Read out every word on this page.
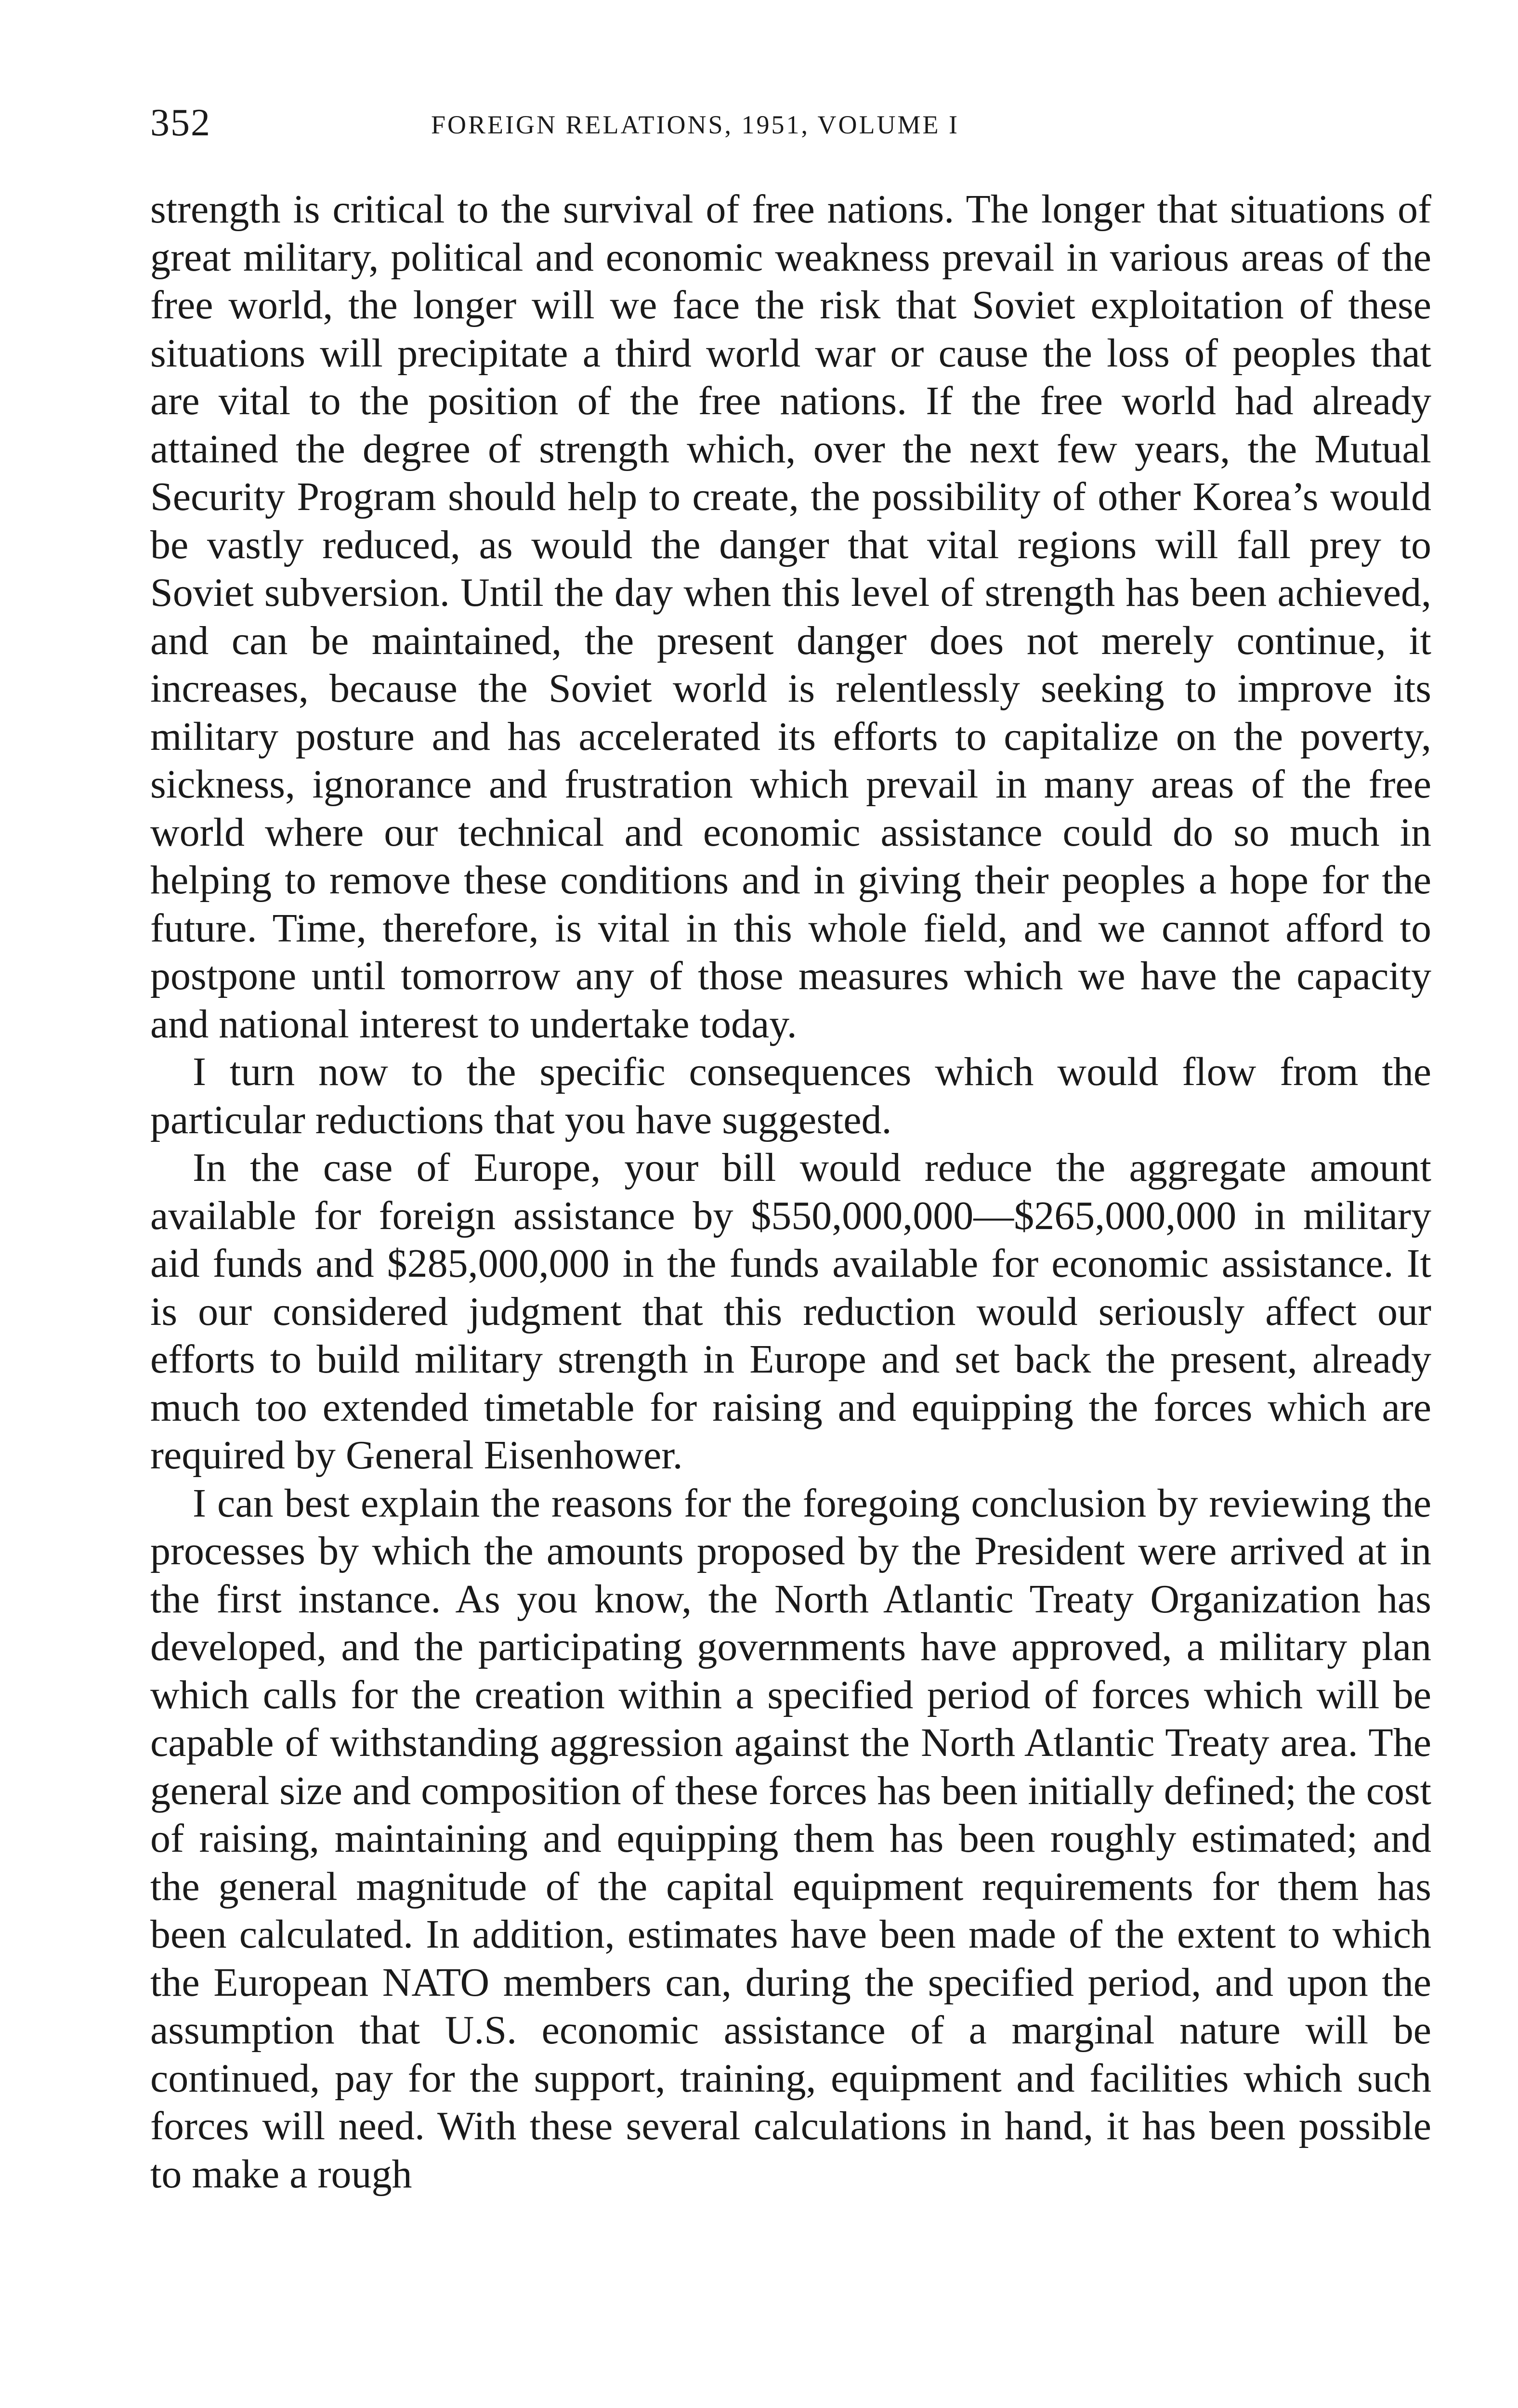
352	FOREIGN RELATIONS, 1951, VOLUME I

strength is critical to the survival of free nations. The longer that situations of great military, political and economic weakness prevail in various areas of the free world, the longer will we face the risk that Soviet exploitation of these situations will precipitate a third world war or cause the loss of peoples that are vital to the position of the free nations. If the free world had already attained the degree of strength which, over the next few years, the Mutual Security Program should help to create, the possibility of other Korea’s would be vastly reduced, as would the danger that vital regions will fall prey to Soviet subversion. Until the day when this level of strength has been achieved, and can be maintained, the present danger does not merely continue, it increases, because the Soviet world is relentlessly seeking to improve its military posture and has accelerated its efforts to capitalize on the poverty, sickness, ignorance and frustration which prevail in many areas of the free world where our technical and economic assistance could do so much in helping to remove these conditions and in giving their peoples a hope for the future. Time, therefore, is vital in this whole field, and we cannot afford to postpone until tomorrow any of those measures which we have the capacity and national interest to undertake today.

I turn now to the specific consequences which would flow from the particular reductions that you have suggested.

In the case of Europe, your bill would reduce the aggregate amount available for foreign assistance by $550,000,000—$265,000,000 in military aid funds and $285,000,000 in the funds available for economic assistance. It is our considered judgment that this reduction would seriously affect our efforts to build military strength in Europe and set back the present, already much too extended timetable for raising and equipping the forces which are required by General Eisenhower.

I can best explain the reasons for the foregoing conclusion by reviewing the processes by which the amounts proposed by the President were arrived at in the first instance. As you know, the North Atlantic Treaty Organization has developed, and the participating governments have approved, a military plan which calls for the creation within a specified period of forces which will be capable of withstanding aggression against the North Atlantic Treaty area. The general size and composition of these forces has been initially defined; the cost of raising, maintaining and equipping them has been roughly estimated; and the general magnitude of the capital equipment requirements for them has been calculated. In addition, estimates have been made of the extent to which the European NATO members can, during the specified period, and upon the assumption that U.S. economic assistance of a marginal nature will be continued, pay for the support, training, equipment and facilities which such forces will need. With these several calculations in hand, it has been possible to make a rough
